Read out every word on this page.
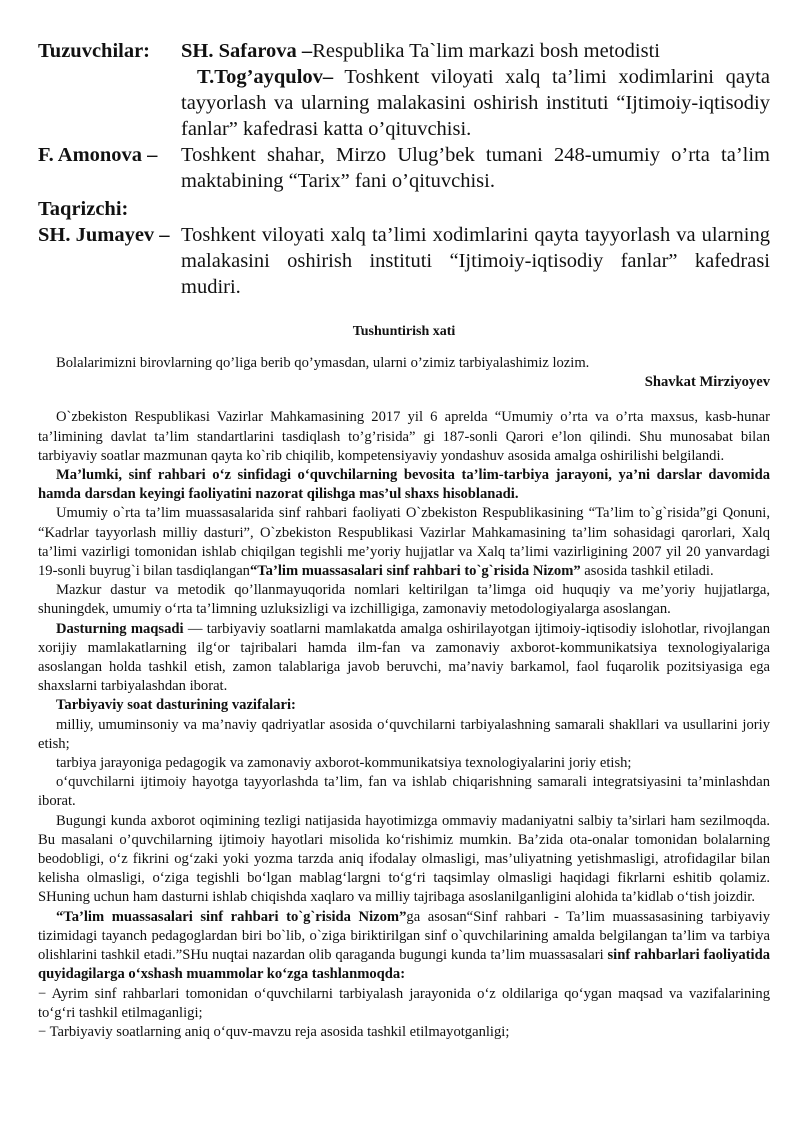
Tuzuvchilar:	SH. Safarova –Respublika Ta`lim markazi bosh metodisti
T.Tog’ayqulov– Toshkent viloyati xalq ta’limi xodimlarini qayta tayyorlash va ularning malakasini oshirish instituti “Ijtimoiy-iqtisodiy fanlar” kafedrasi katta o’qituvchisi.
F. Amonova –	Toshkent shahar, Mirzo Ulug’bek tumani 248-umumiy o’rta ta’lim maktabining “Tarix” fani o’qituvchisi.
Taqrizchi:
SH. Jumayev – Toshkent viloyati xalq ta’limi xodimlarini qayta tayyorlash va ularning malakasini oshirish instituti “Ijtimoiy-iqtisodiy fanlar” kafedrasi mudiri.
Tushuntirish xati

Bolalarimizni birovlarning qo’liga berib qo’ymasdan, ularni o’zimiz tarbiyalashimiz lozim.

Shavkat Mirziyoyev

O`zbekiston Respublikasi Vazirlar Mahkamasining 2017 yil 6 aprelda “Umumiy o’rta va o’rta maxsus, kasb-hunar ta’limining davlat ta’lim standartlarini tasdiqlash to’g’risida” gi 187-sonli Qarori e’lon qilindi. Shu munosabat bilan tarbiyaviy soatlar mazmunan qayta ko`rib chiqilib, kompetensiyaviy yondashuv asosida amalga oshirilishi belgilandi.

Ma’lumki, sinf rahbari o‘z sinfidagi o‘quvchilarning bevosita ta’lim-tarbiya jarayoni, ya’ni darslar davomida hamda darsdan keyingi faoliyatini nazorat qilishga mas’ul shaxs hisoblanadi.

Umumiy o`rta ta’lim muassasalarida sinf rahbari faoliyati O`zbekiston Respublikasining “Ta’lim to`g`risida”gi Qonuni, “Kadrlar tayyorlash milliy dasturi”, O`zbekiston Respublikasi Vazirlar Mahkamasining ta’lim sohasidagi qarorlari, Xalq ta’limi vazirligi tomonidan ishlab chiqilgan tegishli me’yoriy hujjatlar va Xalq ta’limi vazirligining 2007 yil 20 yanvardagi 19-sonli buyrug`i bilan tasdiqlangan“Ta’lim muassasalari sinf rahbari to`g`risida Nizom” asosida tashkil etiladi.

Mazkur dastur va metodik qo’llanmayuqorida nomlari keltirilgan ta’limga oid huquqiy va me’yoriy hujjatlarga, shuningdek, umumiy o‘rta ta’limning uzluksizligi va izchilligiga, zamonaviy metodologiyalarga asoslangan.

Dasturning maqsadi — tarbiyaviy soatlarni mamlakatda amalga oshirilayotgan ijtimoiy-iqtisodiy islohotlar, rivojlangan xorijiy mamlakatlarning ilg‘or tajribalari hamda ilm-fan va zamonaviy axborot-kommunikatsiya texnologiyalariga asoslangan holda tashkil etish, zamon talablariga javob beruvchi, ma’naviy barkamol, faol fuqarolik pozitsiyasiga ega shaxslarni tarbiyalashdan iborat.

Tarbiyaviy soat dasturining vazifalari:

milliy, umuminsoniy va ma’naviy qadriyatlar asosida o‘quvchilarni tarbiyalashning samarali shakllari va usullarini joriy etish;

tarbiya jarayoniga pedagogik va zamonaviy axborot-kommunikatsiya texnologiyalarini joriy etish;

o‘quvchilarni ijtimoiy hayotga tayyorlashda ta’lim, fan va ishlab chiqarishning samarali integratsiyasini ta’minlashdan iborat.

Bugungi kunda axborot oqimining tezligi natijasida hayotimizga ommaviy madaniyatni salbiy ta’sirlari ham sezilmoqda. Bu masalani o’quvchilarning ijtimoiy hayotlari misolida ko‘rishimiz mumkin. Ba’zida ota-onalar tomonidan bolalarning beodobligi, o‘z fikrini og‘zaki yoki yozma tarzda aniq ifodalay olmasligi, mas’uliyatning yetishmasligi, atrofidagilar bilan kelisha olmasligi, o‘ziga tegishli bo‘lgan mablag‘largni to‘g‘ri taqsimlay olmasligi haqidagi fikrlarni eshitib qolamiz. SHuning uchun ham dasturni ishlab chiqishda xaqlaro va milliy tajribaga asoslanilganligini alohida ta’kidlab o‘tish joizdir.

“Ta’lim muassasalari sinf rahbari to`g`risida Nizom”ga asosan“Sinf rahbari - Ta’lim muassasasining tarbiyaviy tizimidagi tayanch pedagoglardan biri bo`lib, o`ziga biriktirilgan sinf o`quvchilarining amalda belgilangan ta’lim va tarbiya olishlarini tashkil etadi.”SHu nuqtai nazardan olib qaraganda bugungi kunda ta’lim muassasalari sinf rahbarlari faoliyatida quyidagilarga o‘xshash muammolar ko‘zga tashlanmoqda:

− Ayrim sinf rahbarlari tomonidan o‘quvchilarni tarbiyalash jarayonida o‘z oldilariga qo‘ygan maqsad va vazifalarining to‘g‘ri tashkil etilmaganligi;

− Tarbiyaviy soatlarning aniq o‘quv-mavzu reja asosida tashkil etilmayotganligi;
